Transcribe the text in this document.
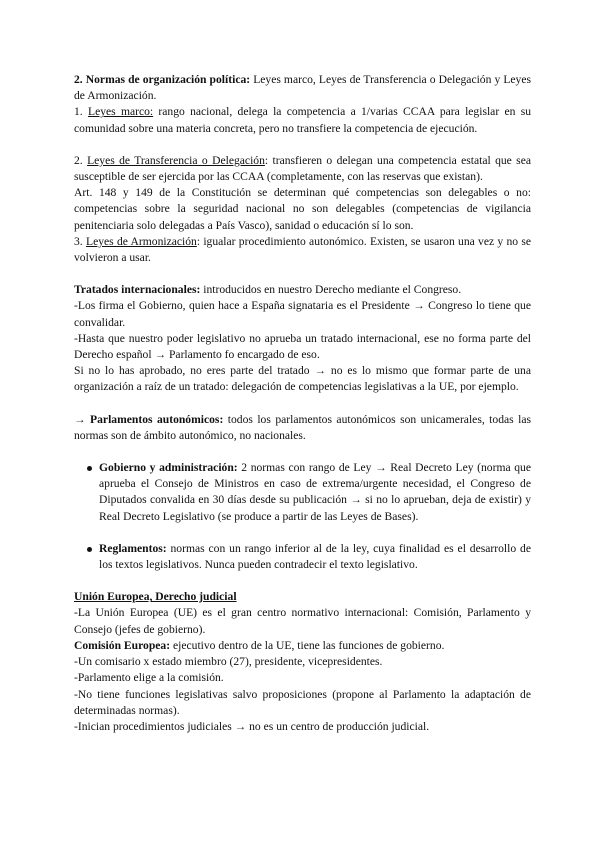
2. Normas de organización política: Leyes marco, Leyes de Transferencia o Delegación y Leyes de Armonización.

1. Leyes marco: rango nacional, delega la competencia a 1/varias CCAA para legislar en su comunidad sobre una materia concreta, pero no transfiere la competencia de ejecución.

2. Leyes de Transferencia o Delegación: transfieren o delegan una competencia estatal que sea susceptible de ser ejercida por las CCAA (completamente, con las reservas que existan).

Art. 148 y 149 de la Constitución se determinan qué competencias son delegables o no: competencias sobre la seguridad nacional no son delegables (competencias de vigilancia penitenciaria solo delegadas a País Vasco), sanidad o educación sí lo son.

3. Leyes de Armonización: igualar procedimiento autonómico. Existen, se usaron una vez y no se volvieron a usar.

Tratados internacionales: introducidos en nuestro Derecho mediante el Congreso.

-Los firma el Gobierno, quien hace a España signataria es el Presidente → Congreso lo tiene que convalidar.

-Hasta que nuestro poder legislativo no aprueba un tratado internacional, ese no forma parte del Derecho español → Parlamento fo encargado de eso.

Si no lo has aprobado, no eres parte del tratado → no es lo mismo que formar parte de una organización a raíz de un tratado: delegación de competencias legislativas a la UE, por ejemplo.

→ Parlamentos autonómicos: todos los parlamentos autonómicos son unicamerales, todas las normas son de ámbito autonómico, no nacionales.

Gobierno y administración: 2 normas con rango de Ley → Real Decreto Ley (norma que aprueba el Consejo de Ministros en caso de extrema/urgente necesidad, el Congreso de Diputados convalida en 30 días desde su publicación → si no lo aprueban, deja de existir) y Real Decreto Legislativo (se produce a partir de las Leyes de Bases).
Reglamentos: normas con un rango inferior al de la ley, cuya finalidad es el desarrollo de los textos legislativos. Nunca pueden contradecir el texto legislativo.

Unión Europea, Derecho judicial

-La Unión Europea (UE) es el gran centro normativo internacional: Comisión, Parlamento y Consejo (jefes de gobierno).

Comisión Europea: ejecutivo dentro de la UE, tiene las funciones de gobierno.

-Un comisario x estado miembro (27), presidente, vicepresidentes.

-Parlamento elige a la comisión.

-No tiene funciones legislativas salvo proposiciones (propone al Parlamento la adaptación de determinadas normas).

-Inician procedimientos judiciales → no es un centro de producción judicial.
